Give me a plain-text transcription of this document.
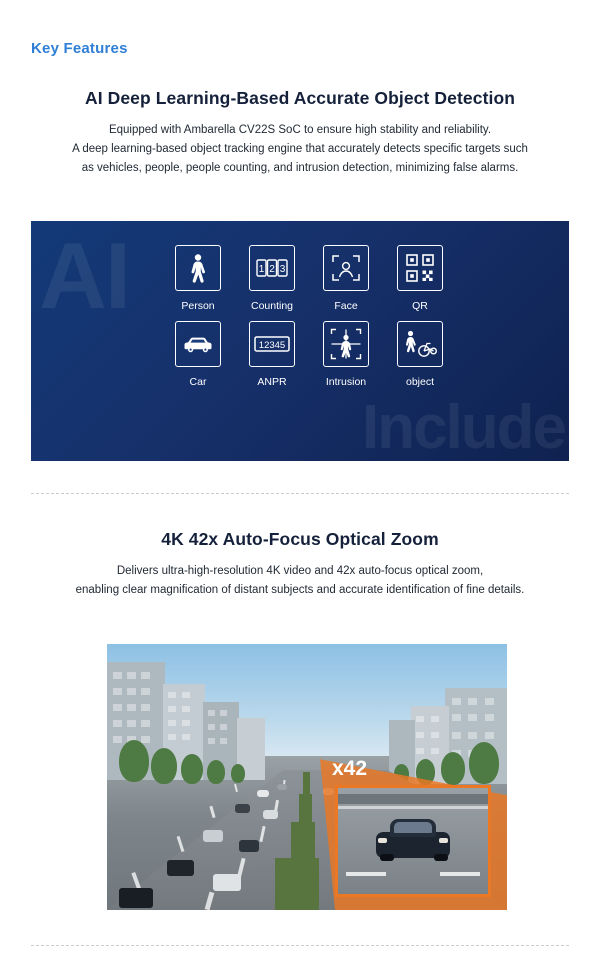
Key Features
AI Deep Learning-Based Accurate Object Detection
Equipped with Ambarella CV22S SoC to ensure high stability and reliability.
A deep learning-based object tracking engine that accurately detects specific targets such
as vehicles, people, people counting, and intrusion detection, minimizing false alarms.
AI
Include
Person
1 2 3
Counting	Face	QR
Car
12345
ANPR	Intrusion	object
4K 42x Auto-Focus Optical Zoom
Delivers ultra-high-resolution 4K video and 42x auto-focus optical zoom,
enabling clear magnification of distant subjects and accurate identification of fine details.
x42
